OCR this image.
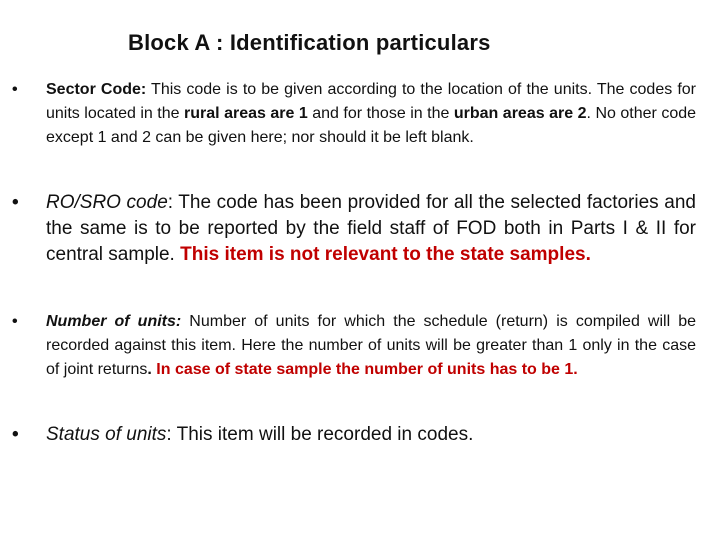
Block A : Identification particulars
• Sector Code: This code is to be given according to the location of the units. The codes for units located in the rural areas are 1 and for those in the urban areas are 2. No other code except 1 and 2 can be given here; nor should it be left blank.
• RO/SRO code: The code has been provided for all the selected factories and the same is to be reported by the field staff of FOD both in Parts I & II for central sample. This item is not relevant to the state samples.
• Number of units: Number of units for which the schedule (return) is compiled will be recorded against this item. Here the number of units will be greater than 1 only in the case of joint returns. In case of state sample the number of units has to be 1.
• Status of units: This item will be recorded in codes.
